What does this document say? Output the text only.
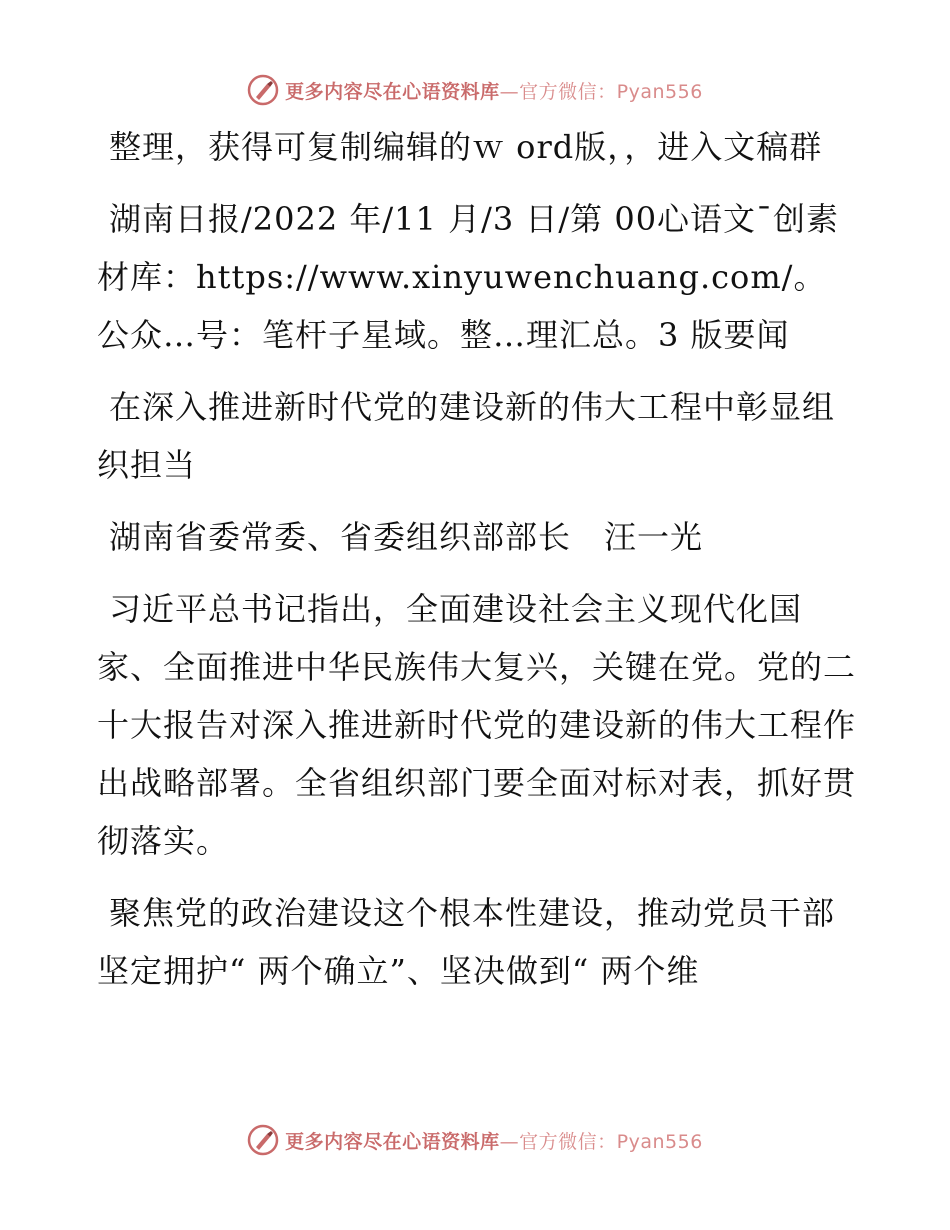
更多内容尽在心语资料库—官方微信：Pyan556

整理，获得可复制编辑的ｗ ord版，，进入文稿群

湖南日报/2022 年/11 月/3 日/第 00心语文¯创素材库：https://www.xinyuwenchuang.com/。公众…号：笔杆子星域。整…理汇总。3 版要闻

在深入推进新时代党的建设新的伟大工程中彰显组织担当

湖南省委常委、省委组织部部长　汪一光

习近平总书记指出，全面建设社会主义现代化国家、全面推进中华民族伟大复兴，关键在党。党的二十大报告对深入推进新时代党的建设新的伟大工程作出战略部署。全省组织部门要全面对标对表，抓好贯彻落实。

聚焦党的政治建设这个根本性建设，推动党员干部坚定拥护“ 两个确立”、坚决做到“ 两个维

更多内容尽在心语资料库—官方微信：Pyan556
